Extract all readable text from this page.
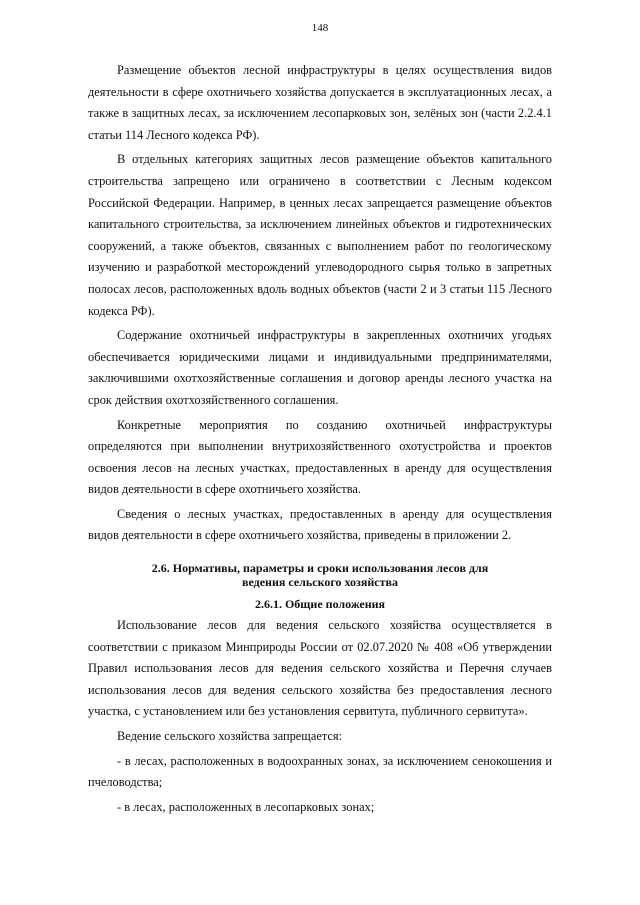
148

Размещение объектов лесной инфраструктуры в целях осуществления видов деятельности в сфере охотничьего хозяйства допускается в эксплуатационных лесах, а также в защитных лесах, за исключением лесопарковых зон, зелёных зон (части 2.2.4.1 статьи 114 Лесного кодекса РФ).

В отдельных категориях защитных лесов размещение объектов капитального строительства запрещено или ограничено в соответствии с Лесным кодексом Российской Федерации. Например, в ценных лесах запрещается размещение объектов капитального строительства, за исключением линейных объектов и гидротехнических сооружений, а также объектов, связанных с выполнением работ по геологическому изучению и разработкой месторождений углеводородного сырья только в запретных полосах лесов, расположенных вдоль водных объектов (части 2 и 3 статьи 115 Лесного кодекса РФ).

Содержание охотничьей инфраструктуры в закрепленных охотничих угодьях обеспечивается юридическими лицами и индивидуальными предпринимателями, заключившими охотхозяйственные соглашения и договор аренды лесного участка на срок действия охотхозяйственного соглашения.

Конкретные мероприятия по созданию охотничьей инфраструктуры определяются при выполнении внутрихозяйственного охотустройства и проектов освоения лесов на лесных участках, предоставленных в аренду для осуществления видов деятельности в сфере охотничьего хозяйства.

Сведения о лесных участках, предоставленных в аренду для осуществления видов деятельности в сфере охотничьего хозяйства, приведены в приложении 2.

2.6. Нормативы, параметры и сроки использования лесов для

ведения сельского хозяйства

2.6.1. Общие положения

Использование лесов для ведения сельского хозяйства осуществляется в соответствии с приказом Минприроды России от 02.07.2020 № 408 «Об утверждении Правил использования лесов для ведения сельского хозяйства и Перечня случаев использования лесов для ведения сельского хозяйства без предоставления лесного участка, с установлением или без установления сервитута, публичного сервитута».

Ведение сельского хозяйства запрещается:

- в лесах, расположенных в водоохранных зонах, за исключением сенокошения и пчеловодства;

- в лесах, расположенных в лесопарковых зонах;
